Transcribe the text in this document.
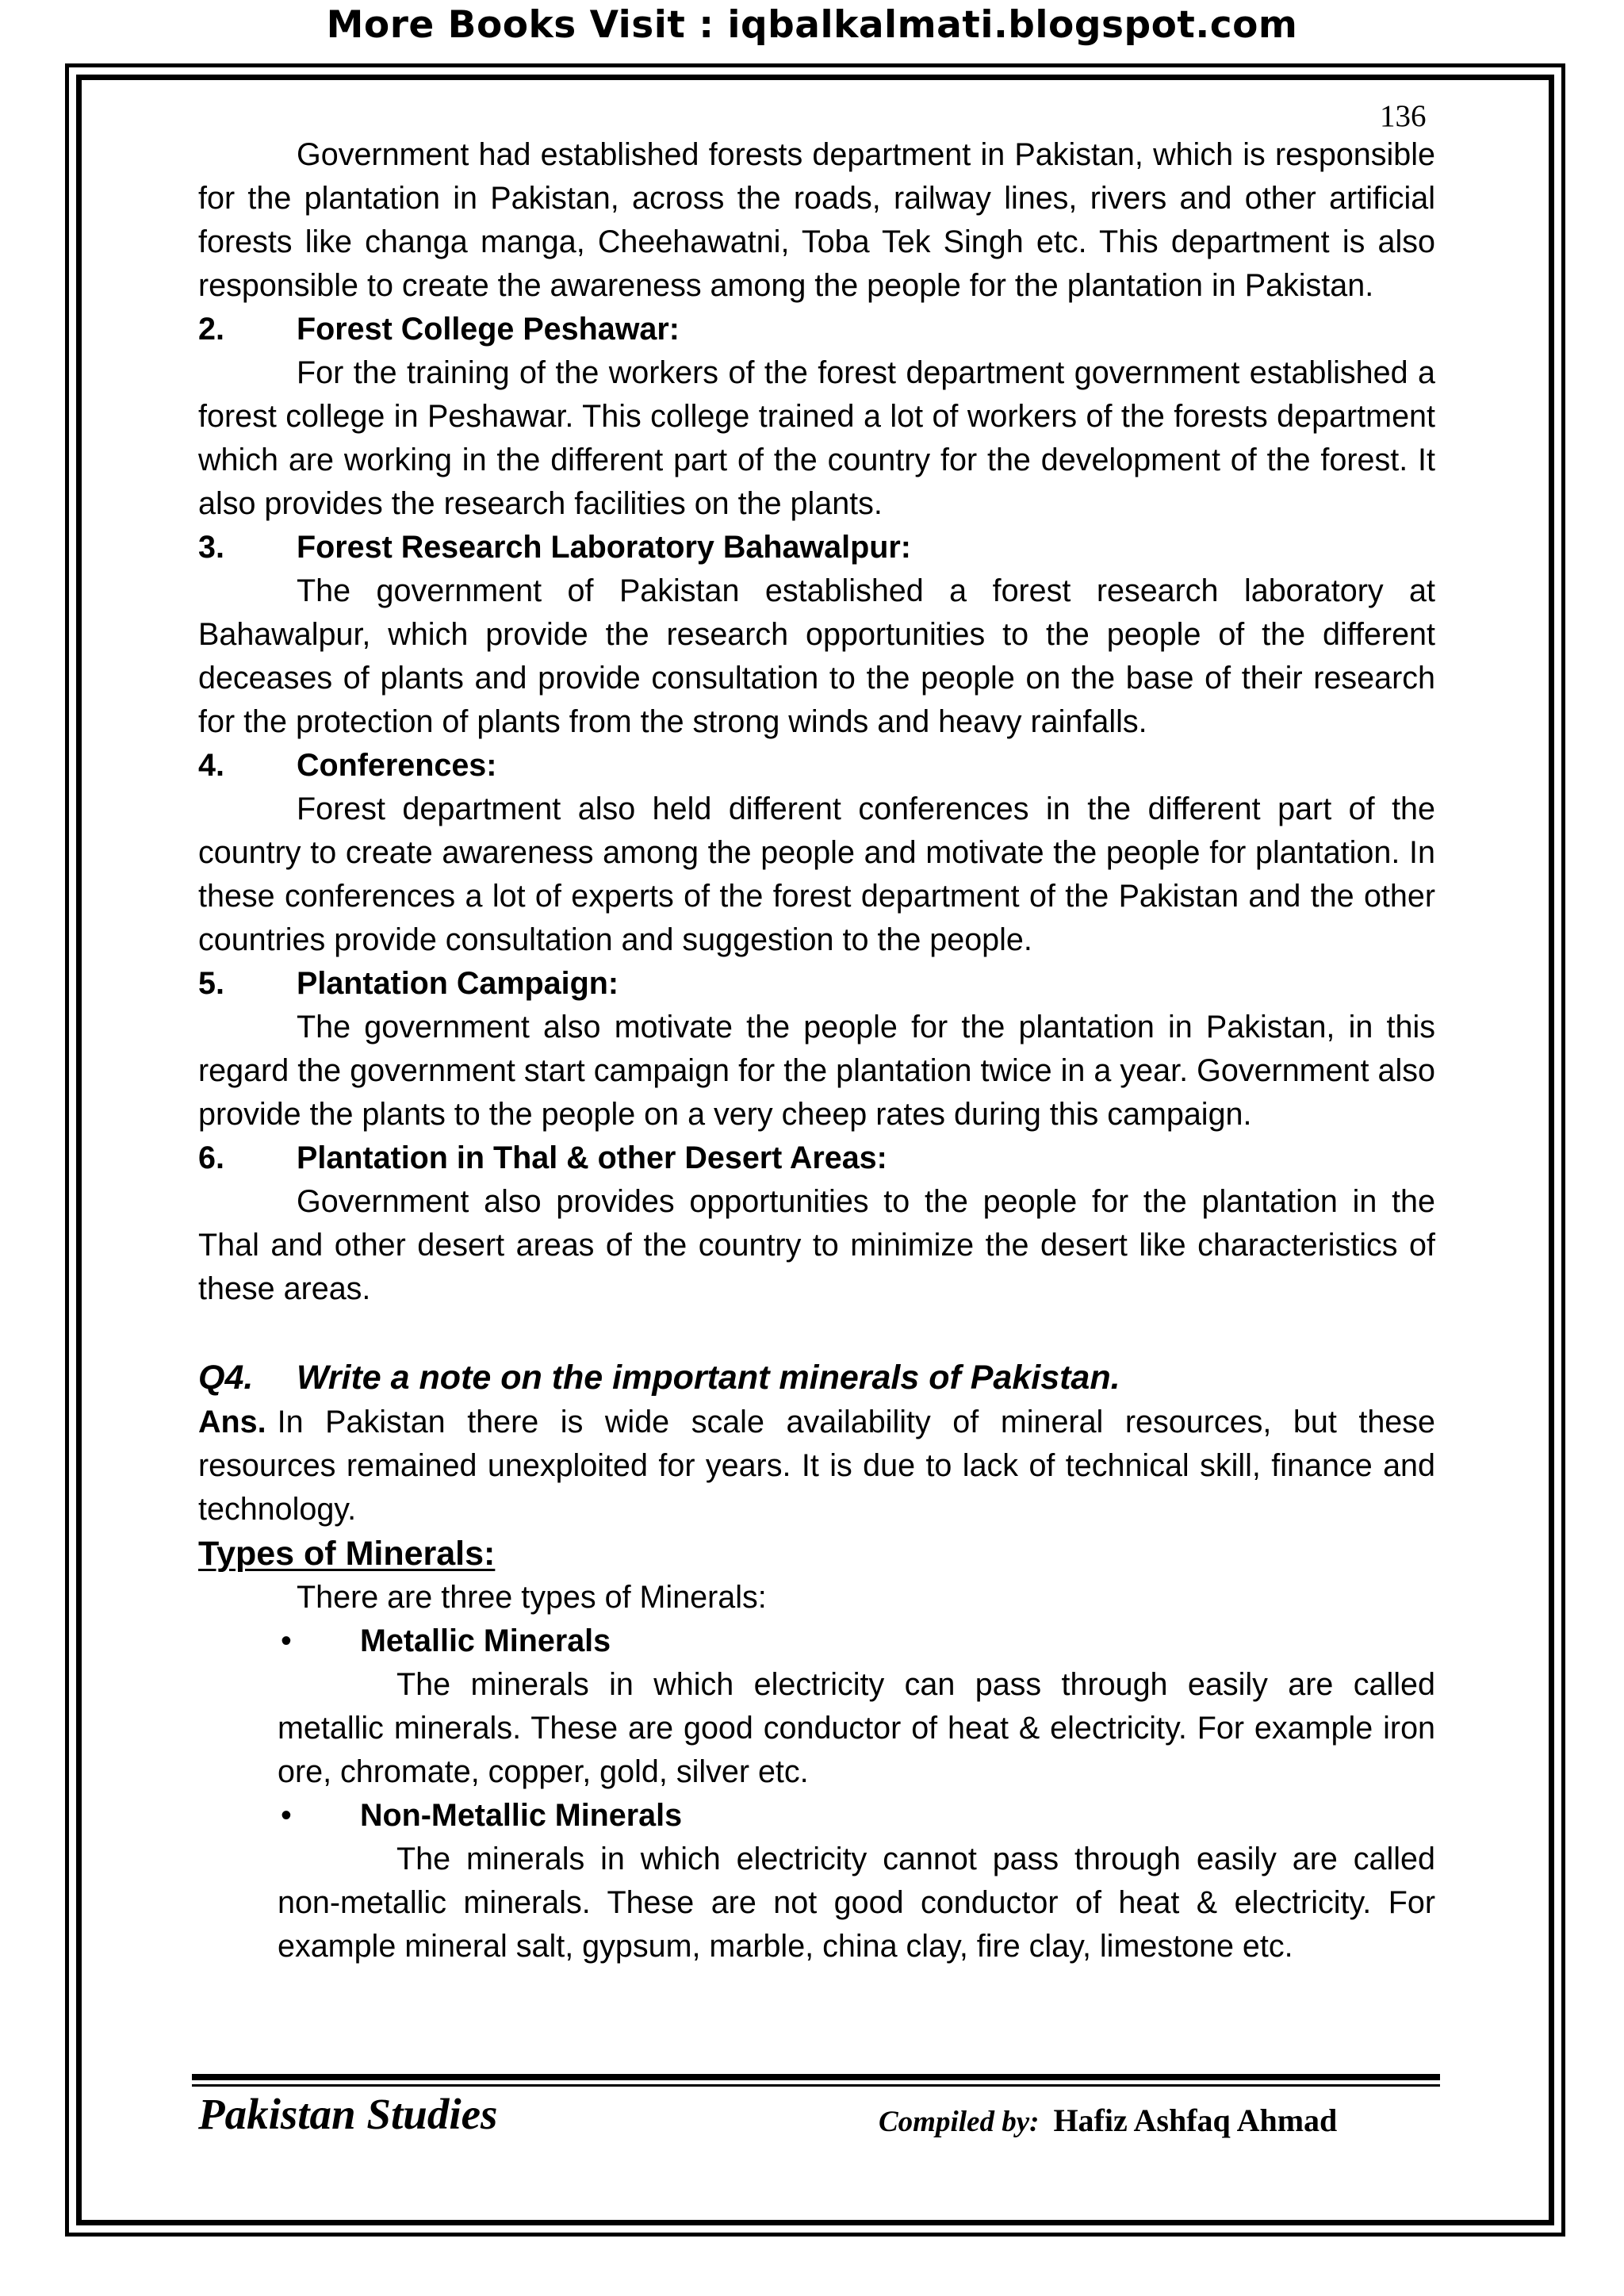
More Books Visit : iqbalkalmati.blogspot.com
136

Government had established forests department in Pakistan, which is responsible for the plantation in Pakistan, across the roads, railway lines, rivers and other artificial forests like changa manga, Cheehawatni, Toba Tek Singh etc. This department is also responsible to create the awareness among the people for the plantation in Pakistan.

2.	Forest College Peshawar:

For the training of the workers of the forest department government established a forest college in Peshawar. This college trained a lot of workers of the forests department which are working in the different part of the country for the development of the forest. It also provides the research facilities on the plants.

3.	Forest Research Laboratory Bahawalpur:

The government of Pakistan established a forest research laboratory at Bahawalpur, which provide the research opportunities to the people of the different deceases of plants and provide consultation to the people on the base of their research for the protection of plants from the strong winds and heavy rainfalls.

4.	Conferences:

Forest department also held different conferences in the different part of the country to create awareness among the people and motivate the people for plantation. In these conferences a lot of experts of the forest department of the Pakistan and the other countries provide consultation and suggestion to the people.

5.	Plantation Campaign:

The government also motivate the people for the plantation in Pakistan, in this regard the government start campaign for the plantation twice in a year. Government also provide the plants to the people on a very cheep rates during this campaign.

6.	Plantation in Thal & other Desert Areas:

Government also provides opportunities to the people for the plantation in the Thal and other desert areas of the country to minimize the desert like characteristics of these areas.

Q4.	Write a note on the important minerals of Pakistan.

Ans. In Pakistan there is wide scale availability of mineral resources, but these resources remained unexploited for years. It is due to lack of technical skill, finance and technology.

Types of Minerals:

There are three types of Minerals:

•	Metallic Minerals

The minerals in which electricity can pass through easily are called metallic minerals. These are good conductor of heat & electricity. For example iron ore, chromate, copper, gold, silver etc.

•	Non-Metallic Minerals

The minerals in which electricity cannot pass through easily are called non-metallic minerals. These are not good conductor of heat & electricity. For example mineral salt, gypsum, marble, china clay, fire clay, limestone etc.

Pakistan Studies	Compiled by: Hafiz Ashfaq Ahmad
